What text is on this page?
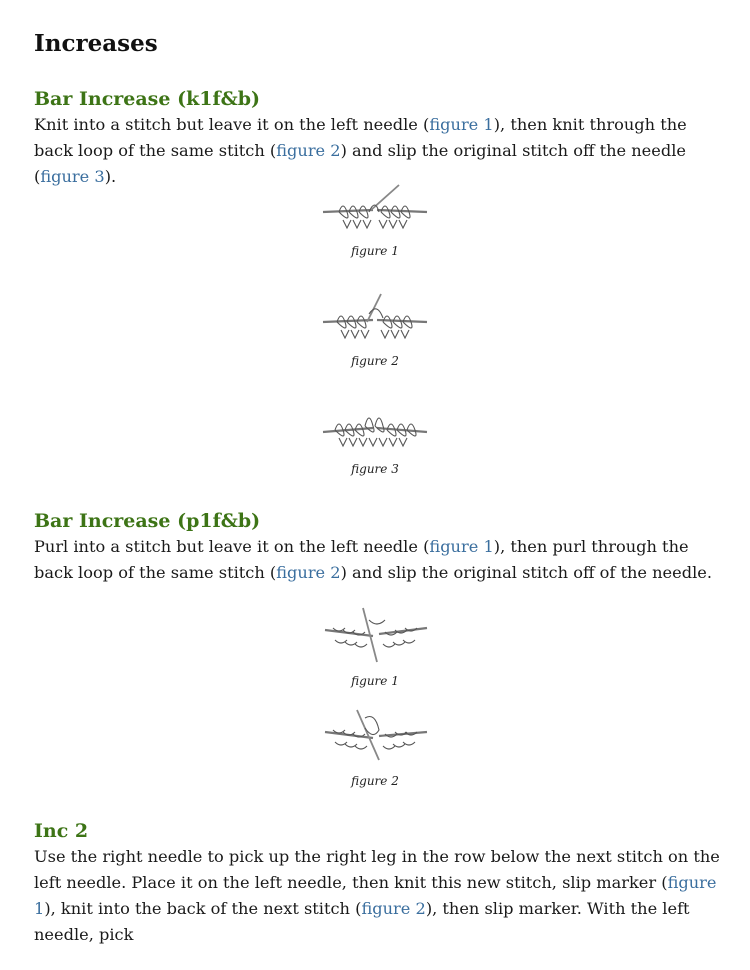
Increases
Bar Increase (k1f&b)

Knit into a stitch but leave it on the left needle (figure 1), then knit through the back loop of the same stitch (figure 2) and slip the original stitch off the needle (figure 3).

figure 1
figure 2
figure 3
Bar Increase (p1f&b)

Purl into a stitch but leave it on the left needle (figure 1), then purl through the back loop of the same stitch (figure 2) and slip the original stitch off of the needle.

figure 1
figure 2
Inc 2

Use the right needle to pick up the right leg in the row below the next stitch on the left needle. Place it on the left needle, then knit this new stitch, slip marker (figure 1), knit into the back of the next stitch (figure 2), then slip marker. With the left needle, pick
